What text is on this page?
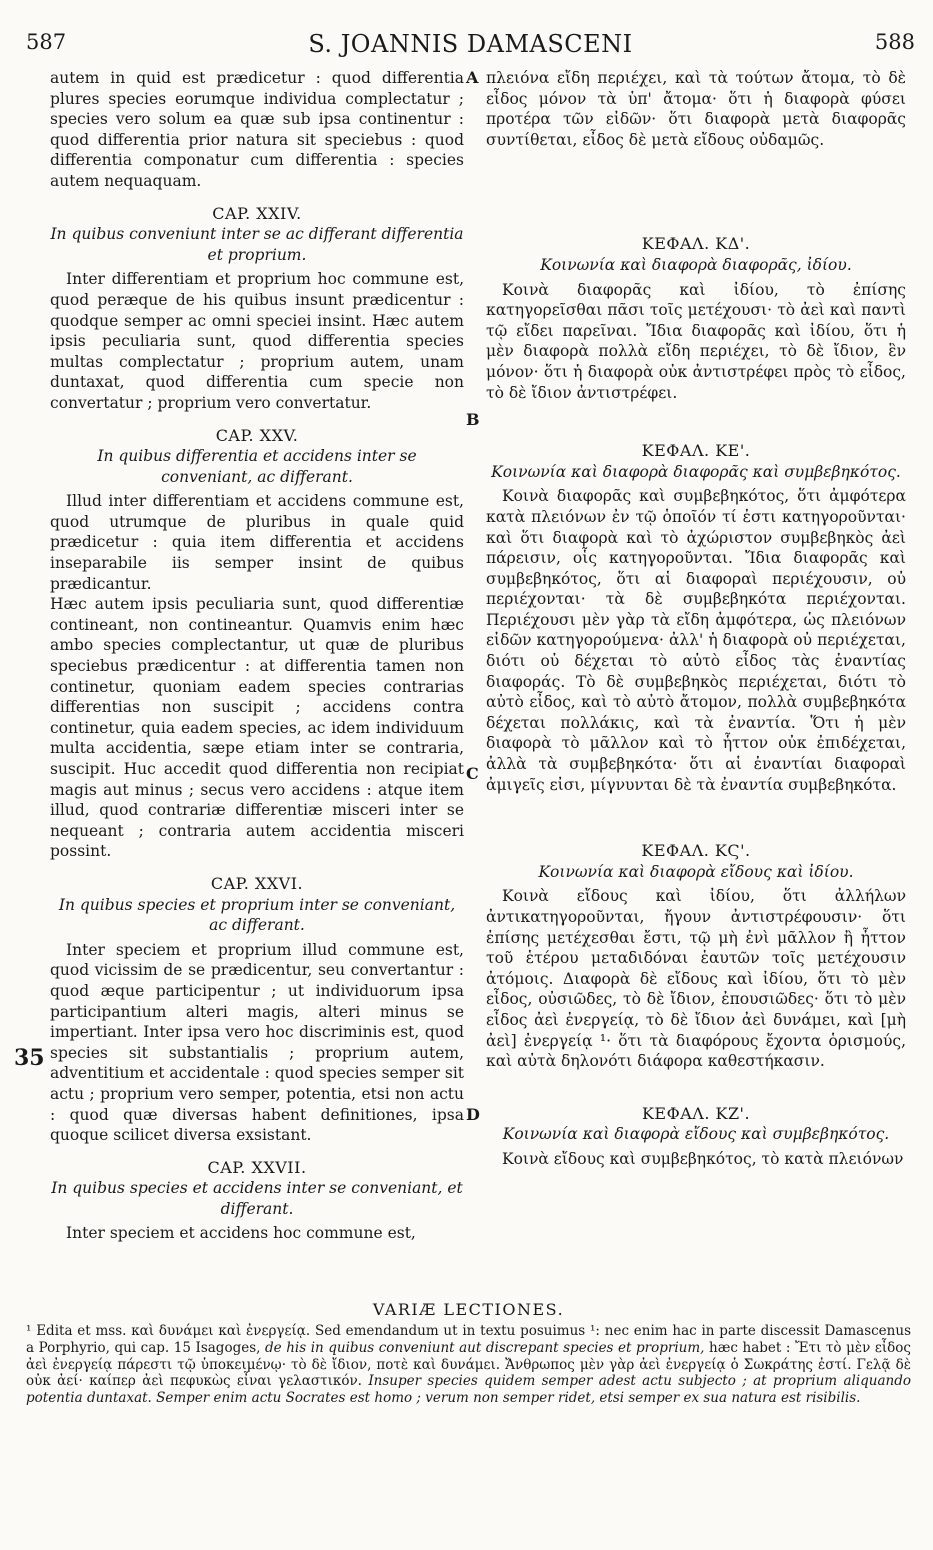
587	S. JOANNIS DAMASCENI	588
A
B
C
D
35

autem in quid est prædicetur : quod differentia plures species eorumque individua complectatur ; species vero solum ea quæ sub ipsa continentur : quod differentia prior natura sit speciebus : quod differentia componatur cum differentia : species autem nequaquam.

CAP. XXIV.
In quibus conveniunt inter se ac differant differentia et proprium.

Inter differentiam et proprium hoc commune est, quod peræque de his quibus insunt prædicentur : quodque semper ac omni speciei insint. Hæc autem ipsis peculiaria sunt, quod differentia species multas complectatur ; proprium autem, unam duntaxat, quod differentia cum specie non convertatur ; proprium vero convertatur.

CAP. XXV.
In quibus differentia et accidens inter se conveniant, ac differant.

Illud inter differentiam et accidens commune est, quod utrumque de pluribus in quale quid prædicetur : quia item differentia et accidens inseparabile iis semper insint de quibus prædicantur.

Hæc autem ipsis peculiaria sunt, quod differentiæ contineant, non contineantur. Quamvis enim hæc ambo species complectantur, ut quæ de pluribus speciebus prædicentur : at differentia tamen non continetur, quoniam eadem species contrarias differentias non suscipit ; accidens contra continetur, quia eadem species, ac idem individuum multa accidentia, sæpe etiam inter se contraria, suscipit. Huc accedit quod differentia non recipiat magis aut minus ; secus vero accidens : atque item illud, quod contrariæ differentiæ misceri inter se nequeant ; contraria autem accidentia misceri possint.

CAP. XXVI.
In quibus species et proprium inter se conveniant, ac differant.

Inter speciem et proprium illud commune est, quod vicissim de se prædicentur, seu convertantur : quod æque participentur ; ut individuorum ipsa participantium alteri magis, alteri minus se impertiant. Inter ipsa vero hoc discriminis est, quod species sit substantialis ; proprium autem, adventitium et accidentale : quod species semper sit actu ; proprium vero semper, potentia, etsi non actu : quod quæ diversas habent definitiones, ipsa quoque scilicet diversa exsistant.

CAP. XXVII.
In quibus species et accidens inter se conveniant, et differant.

Inter speciem et accidens hoc commune est,

πλειόνα εἴδη περιέχει, καὶ τὰ τούτων ἄτομα, τὸ δὲ εἶδος μόνον τὰ ὑπ' ἄτομα· ὅτι ἡ διαφορὰ φύσει προτέρα τῶν εἰδῶν· ὅτι διαφορὰ μετὰ διαφορᾶς συντίθεται, εἶδος δὲ μετὰ εἴδους οὐδαμῶς.

ΚΕΦΑΛ. ΚΔ'.
Κοινωνία καὶ διαφορὰ διαφορᾶς, ἰδίου.

Κοινὰ διαφορᾶς καὶ ἰδίου, τὸ ἐπίσης κατηγορεῖσθαι πᾶσι τοῖς μετέχουσι· τὸ ἀεὶ καὶ παντὶ τῷ εἴδει παρεῖναι. Ἴδια διαφορᾶς καὶ ἰδίου, ὅτι ἡ μὲν διαφορὰ πολλὰ εἴδη περιέχει, τὸ δὲ ἴδιον, ἓν μόνον· ὅτι ἡ διαφορὰ οὐκ ἀντιστρέφει πρὸς τὸ εἶδος, τὸ δὲ ἴδιον ἀντιστρέφει.

ΚΕΦΑΛ. ΚΕ'.
Κοινωνία καὶ διαφορὰ διαφορᾶς καὶ συμβεβηκότος.

Κοινὰ διαφορᾶς καὶ συμβεβηκότος, ὅτι ἀμφότερα κατὰ πλειόνων ἐν τῷ ὁποῖόν τί ἐστι κατηγοροῦνται· καὶ ὅτι διαφορὰ καὶ τὸ ἀχώριστον συμβεβηκὸς ἀεὶ πάρεισιν, οἷς κατηγοροῦνται. Ἴδια διαφορᾶς καὶ συμβεβηκότος, ὅτι αἱ διαφοραὶ περιέχουσιν, οὐ περιέχονται· τὰ δὲ συμβεβηκότα περιέχονται. Περιέχουσι μὲν γὰρ τὰ εἴδη ἀμφότερα, ὡς πλειόνων εἰδῶν κατηγορούμενα· ἀλλ' ἡ διαφορὰ οὐ περιέχεται, διότι οὐ δέχεται τὸ αὐτὸ εἶδος τὰς ἐναντίας διαφοράς. Τὸ δὲ συμβεβηκὸς περιέχεται, διότι τὸ αὐτὸ εἶδος, καὶ τὸ αὐτὸ ἄτομον, πολλὰ συμβεβηκότα δέχεται πολλάκις, καὶ τὰ ἐναντία. Ὅτι ἡ μὲν διαφορὰ τὸ μᾶλλον καὶ τὸ ἧττον οὐκ ἐπιδέχεται, ἀλλὰ τὰ συμβεβηκότα· ὅτι αἱ ἐναντίαι διαφοραὶ ἀμιγεῖς εἰσι, μίγνυνται δὲ τὰ ἐναντία συμβεβηκότα.

ΚΕΦΑΛ. ΚϚ'.
Κοινωνία καὶ διαφορὰ εἴδους καὶ ἰδίου.

Κοινὰ εἴδους καὶ ἰδίου, ὅτι ἀλλήλων ἀντικατηγοροῦνται, ἤγουν ἀντιστρέφουσιν· ὅτι ἐπίσης μετέχεσθαι ἔστι, τῷ μὴ ἐνὶ μᾶλλον ἢ ἧττον τοῦ ἑτέρου μεταδιδόναι ἑαυτῶν τοῖς μετέχουσιν ἀτόμοις. Διαφορὰ δὲ εἴδους καὶ ἰδίου, ὅτι τὸ μὲν εἶδος, οὐσιῶδες, τὸ δὲ ἴδιον, ἐπουσιῶδες· ὅτι τὸ μὲν εἶδος ἀεὶ ἐνεργείᾳ, τὸ δὲ ἴδιον ἀεὶ δυνάμει, καὶ [μὴ ἀεὶ] ἐνεργείᾳ ¹· ὅτι τὰ διαφόρους ἔχοντα ὁρισμούς, καὶ αὐτὰ δηλονότι διάφορα καθεστήκασιν.

ΚΕΦΑΛ. ΚΖ'.
Κοινωνία καὶ διαφορὰ εἴδους καὶ συμβεβηκότος.

Κοινὰ εἴδους καὶ συμβεβηκότος, τὸ κατὰ πλειόνων

VARIÆ LECTIONES.
¹ Edita et mss. καὶ δυνάμει καὶ ἐνεργείᾳ. Sed emendandum ut in textu posuimus ¹: nec enim hac in parte discessit Damascenus a Porphyrio, qui cap. 15 Isagoges, de his in quibus conveniunt aut discrepant species et proprium, hæc habet : Ἔτι τὸ μὲν εἶδος ἀεὶ ἐνεργείᾳ πάρεστι τῷ ὑποκειμένῳ· τὸ δὲ ἴδιον, ποτὲ καὶ δυνάμει. Ἄνθρωπος μὲν γὰρ ἀεὶ ἐνεργείᾳ ὁ Σωκράτης ἐστί. Γελᾷ δὲ οὐκ ἀεί· καίπερ ἀεὶ πεφυκὼς εἶναι γελαστικόν. Insuper species quidem semper adest actu subjecto ; at proprium aliquando potentia duntaxat. Semper enim actu Socrates est homo ; verum non semper ridet, etsi semper ex sua natura est risibilis.
